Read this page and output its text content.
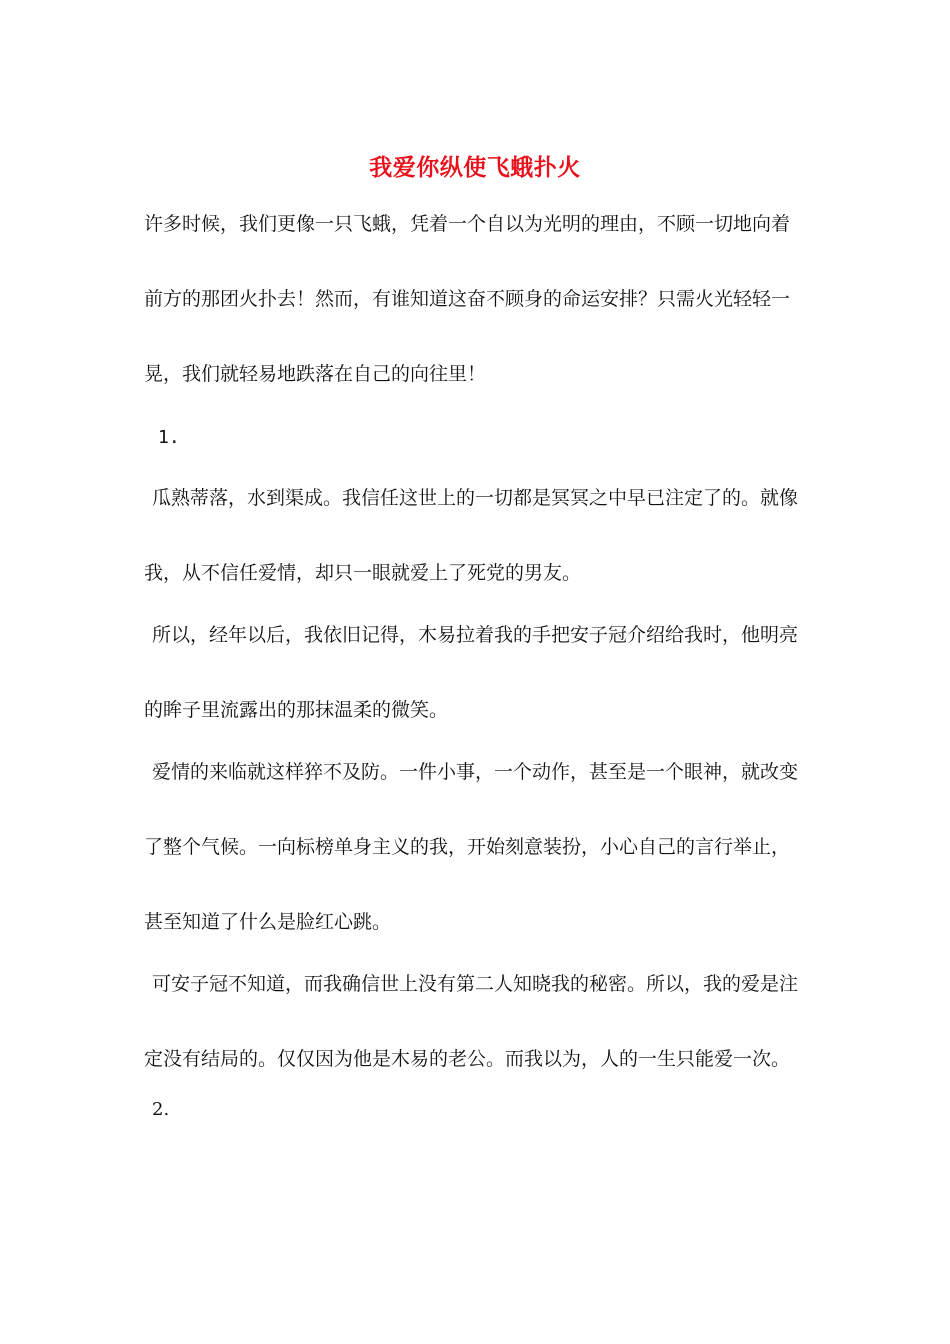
我爱你纵使飞蛾扑火
许多时候，我们更像一只飞蛾，凭着一个自以为光明的理由，不顾一切地向着
前方的那团火扑去！然而，有谁知道这奋不顾身的命运安排？只需火光轻轻一
晃，我们就轻易地跌落在自己的向往里！
1.
瓜熟蒂落，水到渠成。我信任这世上的一切都是冥冥之中早已注定了的。就像
我，从不信任爱情，却只一眼就爱上了死党的男友。
所以，经年以后，我依旧记得，木易拉着我的手把安子冠介绍给我时，他明亮
的眸子里流露出的那抹温柔的微笑。
爱情的来临就这样猝不及防。一件小事，一个动作，甚至是一个眼神，就改变
了整个气候。一向标榜单身主义的我，开始刻意装扮，小心自己的言行举止，
甚至知道了什么是脸红心跳。
可安子冠不知道，而我确信世上没有第二人知晓我的秘密。所以，我的爱是注
定没有结局的。仅仅因为他是木易的老公。而我以为，人的一生只能爱一次。
2.
